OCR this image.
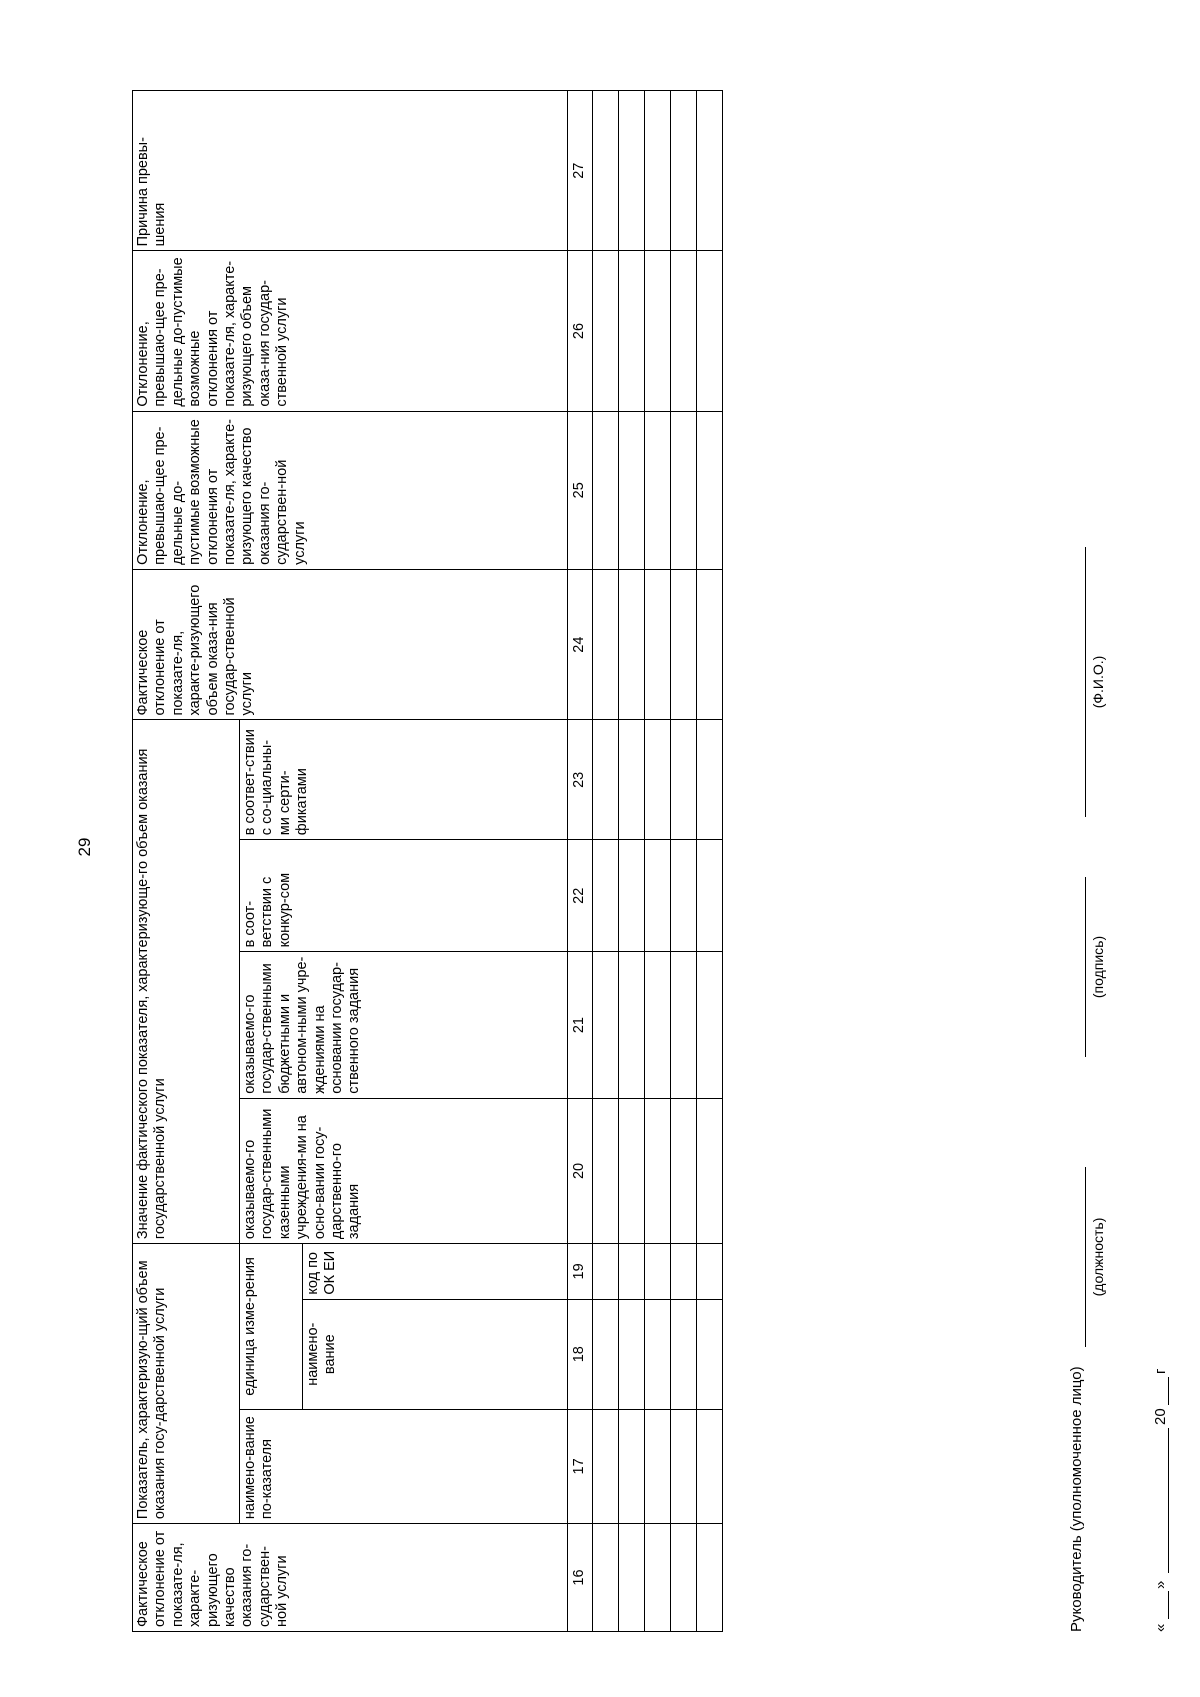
29
Фактическое отклонение от показате-ля, характе-ризующего качество оказания го-сударствен-ной услуги	Показатель, характеризую-щий объем оказания госу-дарственной услуги			Значение фактического показателя, характеризующе-го объем оказания государственной услуги				Фактическое отклонение от показате-ля, характе-ризующего объем оказа-ния государ-ственной услуги	Отклонение, превышаю-щее пре-дельные до-пустимые возможные отклонения от показате-ля, характе-ризующего качество оказания го-сударствен-ной услуги	Отклонение, превышаю-щее пре-дельные до-пустимые возможные отклонения от показате-ля, характе-ризующего объем оказа-ния государ-ственной услуги	Причина превы-шения
	наимено-вание по-казателя	единица изме-рения		оказываемо-го государ-ственными казенными учреждения-ми на осно-вании госу-дарственно-го задания	оказываемо-го государ-ственными бюджетными и автоном-ными учре-ждениями на основании государ-ственного задания	в соот-ветствии с конкур-сом	в соответ-ствии с со-циальны-ми серти-фикатами				
		наимено-вание	код по ОК ЕИ								
16	17	18	19	20	21	22	23	24	25	26	27

Руководитель (уполномоченное лицо)
(должность)
(подпись)
(Ф.И.О.)
«
»
20
г
